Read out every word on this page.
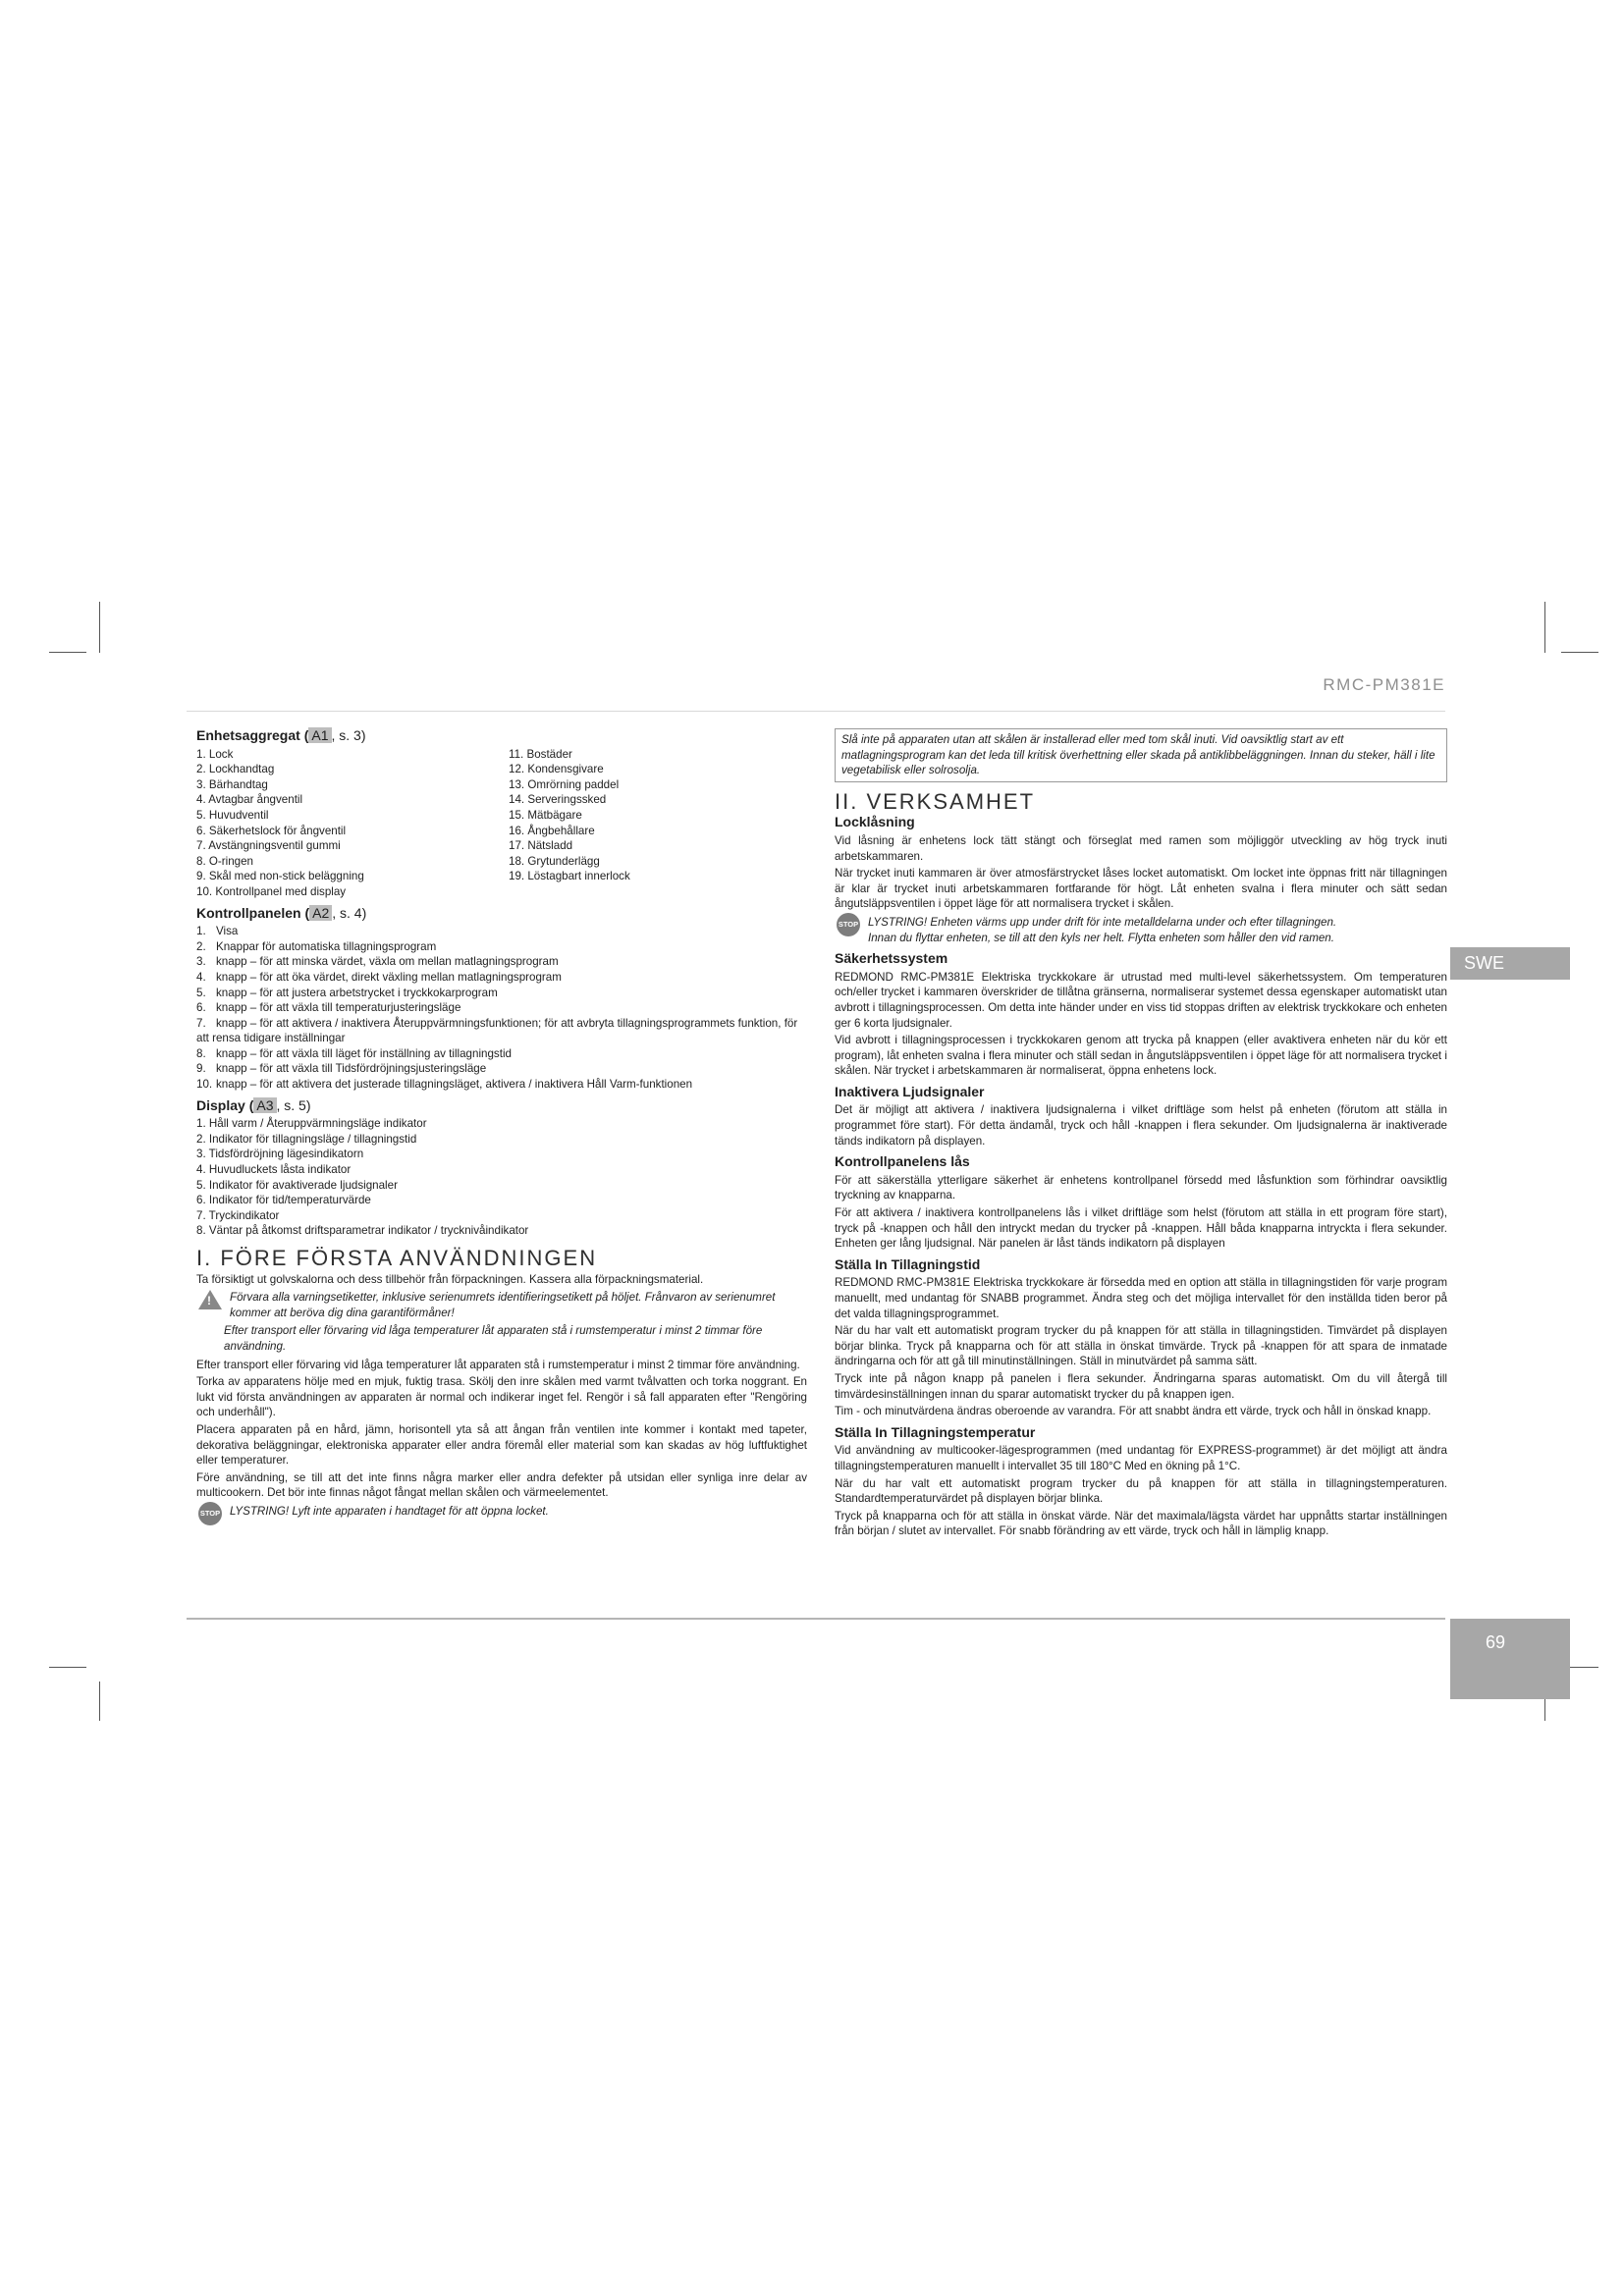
RMC-PM381E
SWE
69
Enhetsaggregat ( A1 , s. 3)
1. Lock
2. Lockhandtag
3. Bärhandtag
4. Avtagbar ångventil
5. Huvudventil
6. Säkerhetslock för ångventil
7. Avstängningsventil gummi
8. O-ringen
9. Skål med non-stick beläggning
10. Kontrollpanel med display
11. Bostäder
12. Kondensgivare
13. Omrörning paddel
14. Serveringssked
15. Mätbägare
16. Ångbehållare
17. Nätsladd
18. Grytunderlägg
19. Löstagbart innerlock
Kontrollpanelen ( A2 , s. 4)
1. Visa
2. Knappar för automatiska tillagningsprogram
3. knapp – för att minska värdet, växla om mellan matlagningsprogram
4. knapp – för att öka värdet, direkt växling mellan matlagningsprogram
5. knapp – för att justera arbetstrycket i tryckkokarprogram
6. knapp – för att växla till temperaturjusteringsläge
7. knapp – för att aktivera / inaktivera Återuppvärmningsfunktionen; för att avbryta tillagningsprogrammets funktion, för att rensa tidigare inställningar
8. knapp – för att växla till läget för inställning av tillagningstid
9. knapp – för att växla till Tidsfördröjningsjusteringsläge
10. knapp – för att aktivera det justerade tillagningsläget, aktivera / inaktivera Håll Varm-funktionen
Display ( A3 , s. 5)
1. Håll varm / Återuppvärmningsläge indikator
2. Indikator för tillagningsläge / tillagningstid
3. Tidsfördröjning lägesindikatorn
4. Huvudluckets låsta indikator
5. Indikator för avaktiverade ljudsignaler
6. Indikator för tid/temperaturvärde
7. Tryckindikator
8. Väntar på åtkomst driftsparametrar indikator / trycknivåindikator
I. FÖRE FÖRSTA ANVÄNDNINGEN

Ta försiktigt ut golvskalorna och dess tillbehör från förpackningen. Kassera alla förpackningsmaterial.

!
Förvara alla varningsetiketter, inklusive serienumrets identifieringsetikett på höljet. Frånvaron av serienumret kommer att beröva dig dina garantiförmåner!
Efter transport eller förvaring vid låga temperaturer låt apparaten stå i rumstemperatur i minst 2 timmar före användning.

Efter transport eller förvaring vid låga temperaturer låt apparaten stå i rumstemperatur i minst 2 timmar före användning.

Torka av apparatens hölje med en mjuk, fuktig trasa. Skölj den inre skålen med varmt tvålvatten och torka noggrant. En lukt vid första användningen av apparaten är normal och indikerar inget fel. Rengör i så fall apparaten efter "Rengöring och underhåll").

Placera apparaten på en hård, jämn, horisontell yta så att ångan från ventilen inte kommer i kontakt med tapeter, dekorativa beläggningar, elektroniska apparater eller andra föremål eller material som kan skadas av hög luftfuktighet eller temperaturer.

Före användning, se till att det inte finns några marker eller andra defekter på utsidan eller synliga inre delar av multicookern. Det bör inte finnas något fångat mellan skålen och värmeelementet.

STOP LYSTRING! Lyft inte apparaten i handtaget för att öppna locket.
Slå inte på apparaten utan att skålen är installerad eller med tom skål inuti. Vid oavsiktlig start av ett matlagningsprogram kan det leda till kritisk överhettning eller skada på antiklibbeläggningen. Innan du steker, häll i lite vegetabilisk eller solrosolja.
II. VERKSAMHET
Locklåsning

Vid låsning är enhetens lock tätt stängt och förseglat med ramen som möjliggör utveckling av hög tryck inuti arbetskammaren.

När trycket inuti kammaren är över atmosfärstrycket låses locket automatiskt. Om locket inte öppnas fritt när tillagningen är klar är trycket inuti arbetskammaren fortfarande för högt. Låt enheten svalna i flera minuter och sätt sedan ångutsläppsventilen i öppet läge för att normalisera trycket i skålen.

STOP LYSTRING! Enheten värms upp under drift för inte metalldelarna under och efter tillagningen.
Innan du flyttar enheten, se till att den kyls ner helt. Flytta enheten som håller den vid ramen.
Säkerhetssystem

REDMOND RMC-PM381E Elektriska tryckkokare är utrustad med multi-level säkerhetssystem. Om temperaturen och/eller trycket i kammaren överskrider de tillåtna gränserna, normaliserar systemet dessa egenskaper automatiskt utan avbrott i tillagningsprocessen. Om detta inte händer under en viss tid stoppas driften av elektrisk tryckkokare och enheten ger 6 korta ljudsignaler.

Vid avbrott i tillagningsprocessen i tryckkokaren genom att trycka på knappen (eller avaktivera enheten när du kör ett program), låt enheten svalna i flera minuter och ställ sedan in ångutsläppsventilen i öppet läge för att normalisera trycket i skålen. När trycket i arbetskammaren är normaliserat, öppna enhetens lock.

Inaktivera Ljudsignaler

Det är möjligt att aktivera / inaktivera ljudsignalerna i vilket driftläge som helst på enheten (förutom att ställa in programmet före start). För detta ändamål, tryck och håll -knappen i flera sekunder. Om ljudsignalerna är inaktiverade tänds indikatorn på displayen.

Kontrollpanelens lås

För att säkerställa ytterligare säkerhet är enhetens kontrollpanel försedd med låsfunktion som förhindrar oavsiktlig tryckning av knapparna.

För att aktivera / inaktivera kontrollpanelens lås i vilket driftläge som helst (förutom att ställa in ett program före start), tryck på -knappen och håll den intryckt medan du trycker på -knappen. Håll båda knapparna intryckta i flera sekunder. Enheten ger lång ljudsignal. När panelen är låst tänds indikatorn på displayen

Ställa In Tillagningstid

REDMOND RMC-PM381E Elektriska tryckkokare är försedda med en option att ställa in tillagningstiden för varje program manuellt, med undantag för SNABB programmet. Ändra steg och det möjliga intervallet för den inställda tiden beror på det valda tillagningsprogrammet.

När du har valt ett automatiskt program trycker du på knappen för att ställa in tillagningstiden. Timvärdet på displayen börjar blinka. Tryck på knapparna och för att ställa in önskat timvärde. Tryck på -knappen för att spara de inmatade ändringarna och för att gå till minutinställningen. Ställ in minutvärdet på samma sätt.

Tryck inte på någon knapp på panelen i flera sekunder. Ändringarna sparas automatiskt. Om du vill återgå till timvärdesinställningen innan du sparar automatiskt trycker du på knappen igen.

Tim - och minutvärdena ändras oberoende av varandra. För att snabbt ändra ett värde, tryck och håll in önskad knapp.

Ställa In Tillagningstemperatur

Vid användning av multicooker-lägesprogrammen (med undantag för EXPRESS-programmet) är det möjligt att ändra tillagningstemperaturen manuellt i intervallet 35 till 180°C Med en ökning på 1°C.

När du har valt ett automatiskt program trycker du på knappen för att ställa in tillagningstemperaturen. Standardtemperaturvärdet på displayen börjar blinka.

Tryck på knapparna och för att ställa in önskat värde. När det maximala/lägsta värdet har uppnåtts startar inställningen från början / slutet av intervallet. För snabb förändring av ett värde, tryck och håll in lämplig knapp.
